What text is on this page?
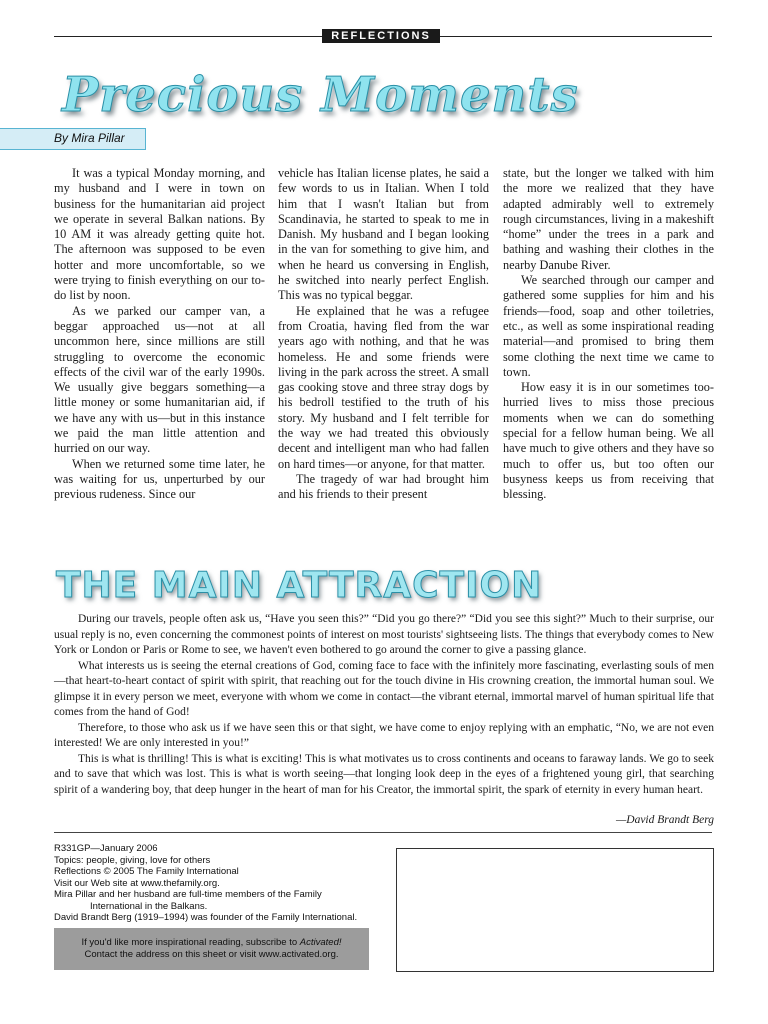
REFLECTIONS
Precious Moments
By Mira Pillar

It was a typical Monday morning, and my husband and I were in town on business for the humanitarian aid project we operate in several Balkan nations. By 10 AM it was already getting quite hot. The afternoon was supposed to be even hotter and more uncomfortable, so we were trying to finish everything on our to-do list by noon.

As we parked our camper van, a beggar approached us—not at all uncommon here, since millions are still struggling to overcome the economic effects of the civil war of the early 1990s. We usually give beggars something—a little money or some humanitarian aid, if we have any with us—but in this instance we paid the man little attention and hurried on our way.

When we returned some time later, he was waiting for us, unperturbed by our previous rudeness. Since our

vehicle has Italian license plates, he said a few words to us in Italian. When I told him that I wasn't Italian but from Scandinavia, he started to speak to me in Danish. My husband and I began looking in the van for something to give him, and when he heard us conversing in English, he switched into nearly perfect English. This was no typical beggar.

He explained that he was a refugee from Croatia, having fled from the war years ago with nothing, and that he was homeless. He and some friends were living in the park across the street. A small gas cooking stove and three stray dogs by his bedroll testified to the truth of his story. My husband and I felt terrible for the way we had treated this obviously decent and intelligent man who had fallen on hard times—or anyone, for that matter.

The tragedy of war had brought him and his friends to their present

state, but the longer we talked with him the more we realized that they have adapted admirably well to extremely rough circumstances, living in a makeshift “home” under the trees in a park and bathing and washing their clothes in the nearby Danube River.

We searched through our camper and gathered some supplies for him and his friends—food, soap and other toiletries, etc., as well as some inspirational reading material—and promised to bring them some clothing the next time we came to town.

How easy it is in our sometimes too-hurried lives to miss those precious moments when we can do something special for a fellow human being. We all have much to give others and they have so much to offer us, but too often our busyness keeps us from receiving that blessing.

THE MAIN ATTRACTION

During our travels, people often ask us, “Have you seen this?” “Did you go there?” “Did you see this sight?” Much to their surprise, our usual reply is no, even concerning the commonest points of interest on most tourists' sightseeing lists. The things that everybody comes to New York or London or Paris or Rome to see, we haven't even bothered to go around the corner to give a passing glance.

What interests us is seeing the eternal creations of God, coming face to face with the infinitely more fascinating, everlasting souls of men—that heart-to-heart contact of spirit with spirit, that reaching out for the touch divine in His crowning creation, the immortal human soul. We glimpse it in every person we meet, everyone with whom we come in contact—the vibrant eternal, immortal marvel of human spiritual life that comes from the hand of God!

Therefore, to those who ask us if we have seen this or that sight, we have come to enjoy replying with an emphatic, “No, we are not even interested! We are only interested in you!”

This is what is thrilling! This is what is exciting! This is what motivates us to cross continents and oceans to faraway lands. We go to seek and to save that which was lost. This is what is worth seeing—that longing look deep in the eyes of a frightened young girl, that searching spirit of a wandering boy, that deep hunger in the heart of man for his Creator, the immortal spirit, the spark of eternity in every human heart.

—David Brandt Berg
R331GP—January 2006
Topics: people, giving, love for others
Reflections © 2005 The Family International
Visit our Web site at www.thefamily.org.
Mira Pillar and her husband are full-time members of the Family
International in the Balkans.
David Brandt Berg (1919–1994) was founder of the Family International.
If you'd like more inspirational reading, subscribe to Activated!
Contact the address on this sheet or visit www.activated.org.
